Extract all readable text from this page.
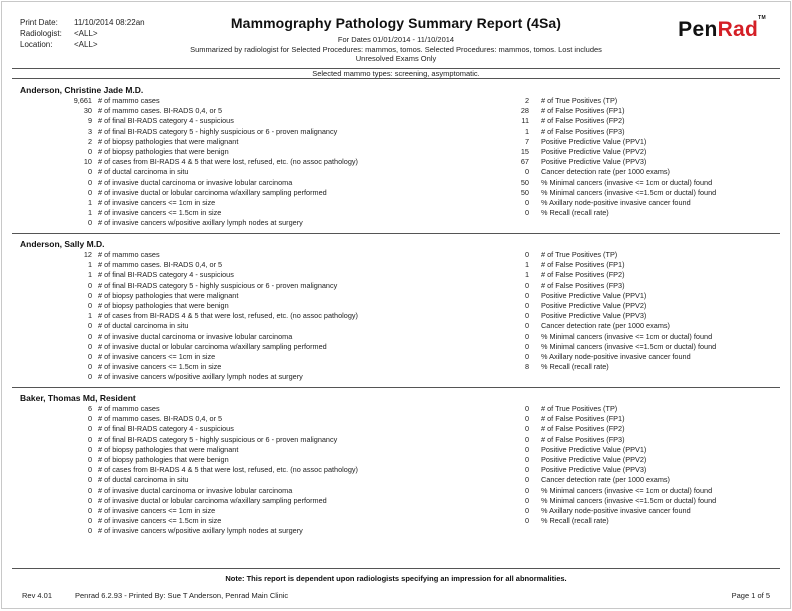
Print Date:	11/10/2014 08:22an
Radiologist:	<ALL>
Location:	<ALL>
Mammography Pathology Summary Report (4Sa)
For Dates 01/01/2014 - 11/10/2014
Summarized by radiologist for Selected Procedures: mammos, tomos. Selected Procedures: mammos, tomos. Lost includes
Unresolved Exams Only
PenRad™
Selected mammo types: screening, asymptomatic.
Anderson, Christine Jade M.D.
9,661 # of mammo cases
30 # of mammo cases. BI-RADS 0,4, or 5
9 # of final BI-RADS category 4 - suspicious
3 # of final BI-RADS category 5 - highly suspicious or 6 - proven malignancy
2 # of biopsy pathologies that were malignant
0 # of biopsy pathologies that were benign
10 # of cases from BI-RADS 4 & 5 that were lost, refused, etc. (no assoc pathology)
0 # of ductal carcinoma in situ
0 # of invasive ductal carcinoma or invasive lobular carcinoma
0 # of invasive ductal or lobular carcinoma w/axillary sampling performed
1 # of invasive cancers <= 1cm in size
1 # of invasive cancers <= 1.5cm in size
0 # of invasive cancers w/positive axillary lymph nodes at surgery
2 # of True Positives (TP)
28 # of False Positives (FP1)
11 # of False Positives (FP2)
1 # of False Positives (FP3)
7 Positive Predictive Value (PPV1)
15 Positive Predictive Value (PPV2)
67 Positive Predictive Value (PPV3)
0 Cancer detection rate (per 1000 exams)
50 % Minimal cancers (invasive <= 1cm or ductal) found
50 % Minimal cancers (invasive <=1.5cm or ductal) found
0 % Axillary node-positive invasive cancer found
0 % Recall (recall rate)
Anderson, Sally M.D.
12 # of mammo cases
1 # of mammo cases. BI-RADS 0,4, or 5
1 # of final BI-RADS category 4 - suspicious
0 # of final BI-RADS category 5 - highly suspicious or 6 - proven malignancy
0 # of biopsy pathologies that were malignant
0 # of biopsy pathologies that were benign
1 # of cases from BI-RADS 4 & 5 that were lost, refused, etc. (no assoc pathology)
0 # of ductal carcinoma in situ
0 # of invasive ductal carcinoma or invasive lobular carcinoma
0 # of invasive ductal or lobular carcinoma w/axillary sampling performed
0 # of invasive cancers <= 1cm in size
0 # of invasive cancers <= 1.5cm in size
0 # of invasive cancers w/positive axillary lymph nodes at surgery
0 # of True Positives (TP)
1 # of False Positives (FP1)
1 # of False Positives (FP2)
0 # of False Positives (FP3)
0 Positive Predictive Value (PPV1)
0 Positive Predictive Value (PPV2)
0 Positive Predictive Value (PPV3)
0 Cancer detection rate (per 1000 exams)
0 % Minimal cancers (invasive <= 1cm or ductal) found
0 % Minimal cancers (invasive <=1.5cm or ductal) found
0 % Axillary node-positive invasive cancer found
8 % Recall (recall rate)
Baker, Thomas Md, Resident
6 # of mammo cases
0 # of mammo cases. BI-RADS 0,4, or 5
0 # of final BI-RADS category 4 - suspicious
0 # of final BI-RADS category 5 - highly suspicious or 6 - proven malignancy
0 # of biopsy pathologies that were malignant
0 # of biopsy pathologies that were benign
0 # of cases from BI-RADS 4 & 5 that were lost, refused, etc. (no assoc pathology)
0 # of ductal carcinoma in situ
0 # of invasive ductal carcinoma or invasive lobular carcinoma
0 # of invasive ductal or lobular carcinoma w/axillary sampling performed
0 # of invasive cancers <= 1cm in size
0 # of invasive cancers <= 1.5cm in size
0 # of invasive cancers w/positive axillary lymph nodes at surgery
0 # of True Positives (TP)
0 # of False Positives (FP1)
0 # of False Positives (FP2)
0 # of False Positives (FP3)
0 Positive Predictive Value (PPV1)
0 Positive Predictive Value (PPV2)
0 Positive Predictive Value (PPV3)
0 Cancer detection rate (per 1000 exams)
0 % Minimal cancers (invasive <= 1cm or ductal) found
0 % Minimal cancers (invasive <=1.5cm or ductal) found
0 % Axillary node-positive invasive cancer found
0 % Recall (recall rate)
Note: This report is dependent upon radiologists specifying an impression for all abnormalities.
Rev 4.01	Penrad 6.2.93 - Printed By: Sue T Anderson, Penrad Main Clinic	Page 1 of 5
